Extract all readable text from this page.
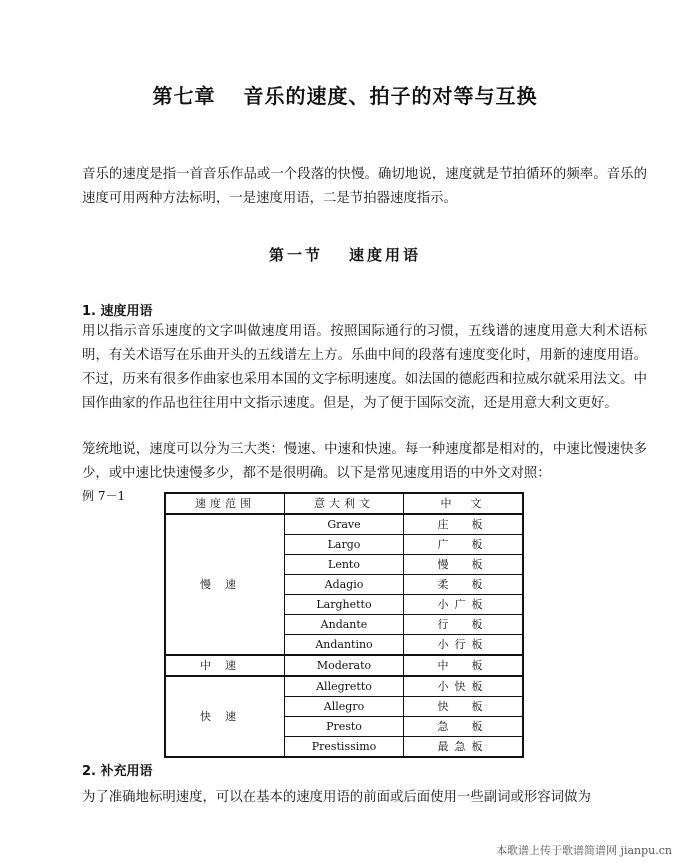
第七章 音乐的速度、拍子的对等与互换
音乐的速度是指一首音乐作品或一个段落的快慢。确切地说，速度就是节拍循环的频率。音乐的速度可用两种方法标明，一是速度用语，二是节拍器速度指示。
第一节 速度用语
1. 速度用语
用以指示音乐速度的文字叫做速度用语。按照国际通行的习惯，五线谱的速度用意大利术语标明，有关术语写在乐曲开头的五线谱左上方。乐曲中间的段落有速度变化时，用新的速度用语。不过，历来有很多作曲家也采用本国的文字标明速度。如法国的德彪西和拉威尔就采用法文。中国作曲家的作品也往往用中文指示速度。但是，为了便于国际交流，还是用意大利文更好。
笼统地说，速度可以分为三大类：慢速、中速和快速。每一种速度都是相对的，中速比慢速快多少，或中速比快速慢多少，都不是很明确。以下是常见速度用语的中外文对照：
例 7－1
速度范围	意大利文	中　文
慢速	Grave	庄　板
	Largo	广　板
	Lento	慢　板
	Adagio	柔　板
	Larghetto	小广板
	Andante	行　板
	Andantino	小行板
中速	Moderato	中　板
快速	Allegretto	小快板
	Allegro	快　板
	Presto	急　板
	Prestissimo	最急板
2. 补充用语
为了准确地标明速度，可以在基本的速度用语的前面或后面使用一些副词或形容词做为
本歌谱上传于歌谱简谱网 jianpu.cn
